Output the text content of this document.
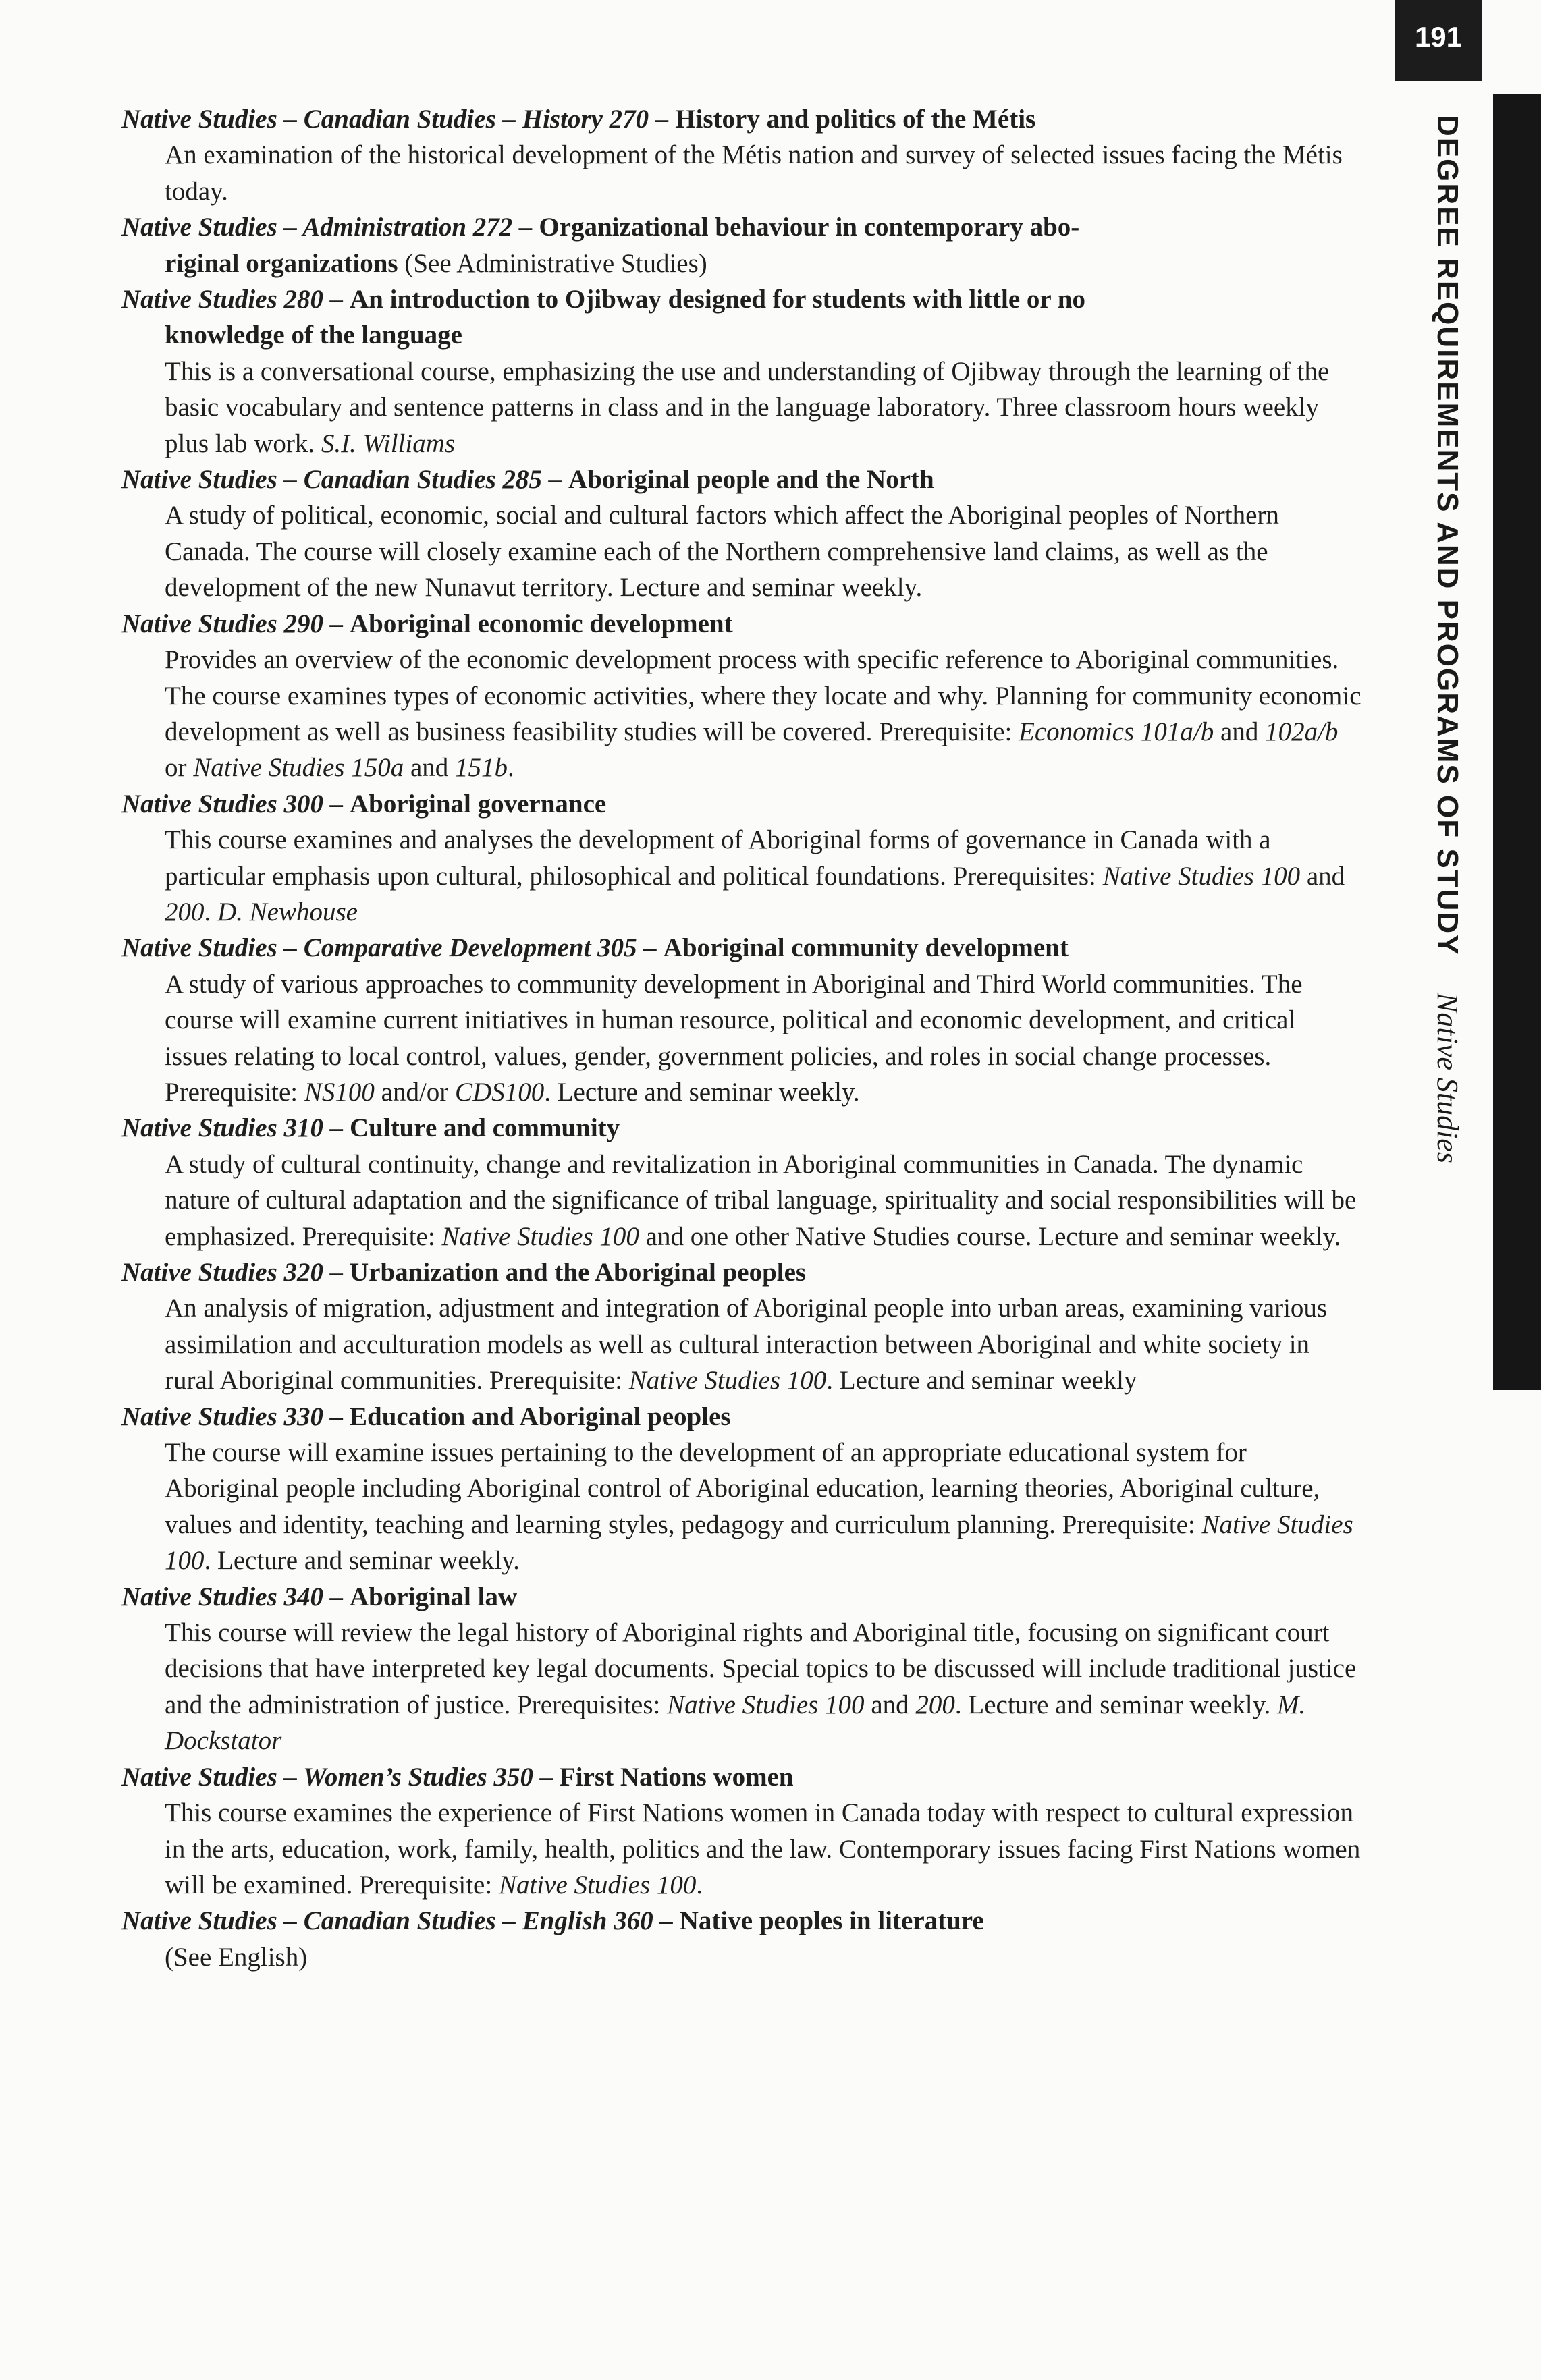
191
DEGREE REQUIREMENTS AND PROGRAMS OF STUDY Native Studies
Native Studies – Canadian Studies – History 270 – History and politics of the Métis
An examination of the historical development of the Métis nation and survey of selected issues facing the Métis today.
Native Studies – Administration 272 – Organizational behaviour in contemporary abo-
riginal organizations (See Administrative Studies)
Native Studies 280 – An introduction to Ojibway designed for students with little or no
knowledge of the language
This is a conversational course, emphasizing the use and understanding of Ojibway through the learning of the basic vocabulary and sentence patterns in class and in the language laboratory. Three classroom hours weekly plus lab work. S.I. Williams
Native Studies – Canadian Studies 285 – Aboriginal people and the North
A study of political, economic, social and cultural factors which affect the Aboriginal peoples of Northern Canada. The course will closely examine each of the Northern comprehensive land claims, as well as the development of the new Nunavut territory. Lecture and seminar weekly.
Native Studies 290 – Aboriginal economic development
Provides an overview of the economic development process with specific reference to Aboriginal communities. The course examines types of economic activities, where they locate and why. Planning for community economic development as well as business feasibility studies will be covered. Prerequisite: Economics 101a/b and 102a/b or Native Studies 150a and 151b.
Native Studies 300 – Aboriginal governance
This course examines and analyses the development of Aboriginal forms of governance in Canada with a particular emphasis upon cultural, philosophical and political foundations. Prerequisites: Native Studies 100 and 200. D. Newhouse
Native Studies – Comparative Development 305 – Aboriginal community development
A study of various approaches to community development in Aboriginal and Third World communities. The course will examine current initiatives in human resource, political and economic development, and critical issues relating to local control, values, gender, government policies, and roles in social change processes. Prerequisite: NS100 and/or CDS100. Lecture and seminar weekly.
Native Studies 310 – Culture and community
A study of cultural continuity, change and revitalization in Aboriginal communities in Canada. The dynamic nature of cultural adaptation and the significance of tribal language, spirituality and social responsibilities will be emphasized. Prerequisite: Native Studies 100 and one other Native Studies course. Lecture and seminar weekly.
Native Studies 320 – Urbanization and the Aboriginal peoples
An analysis of migration, adjustment and integration of Aboriginal people into urban areas, examining various assimilation and acculturation models as well as cultural interaction between Aboriginal and white society in rural Aboriginal communities. Prerequisite: Native Studies 100. Lecture and seminar weekly
Native Studies 330 – Education and Aboriginal peoples
The course will examine issues pertaining to the development of an appropriate educational system for Aboriginal people including Aboriginal control of Aboriginal education, learning theories, Aboriginal culture, values and identity, teaching and learning styles, pedagogy and curriculum planning. Prerequisite: Native Studies 100. Lecture and seminar weekly.
Native Studies 340 – Aboriginal law
This course will review the legal history of Aboriginal rights and Aboriginal title, focusing on significant court decisions that have interpreted key legal documents. Special topics to be discussed will include traditional justice and the administration of justice. Prerequisites: Native Studies 100 and 200. Lecture and seminar weekly. M. Dockstator
Native Studies – Women’s Studies 350 – First Nations women
This course examines the experience of First Nations women in Canada today with respect to cultural expression in the arts, education, work, family, health, politics and the law. Contemporary issues facing First Nations women will be examined. Prerequisite: Native Studies 100.
Native Studies – Canadian Studies – English 360 – Native peoples in literature
(See English)
